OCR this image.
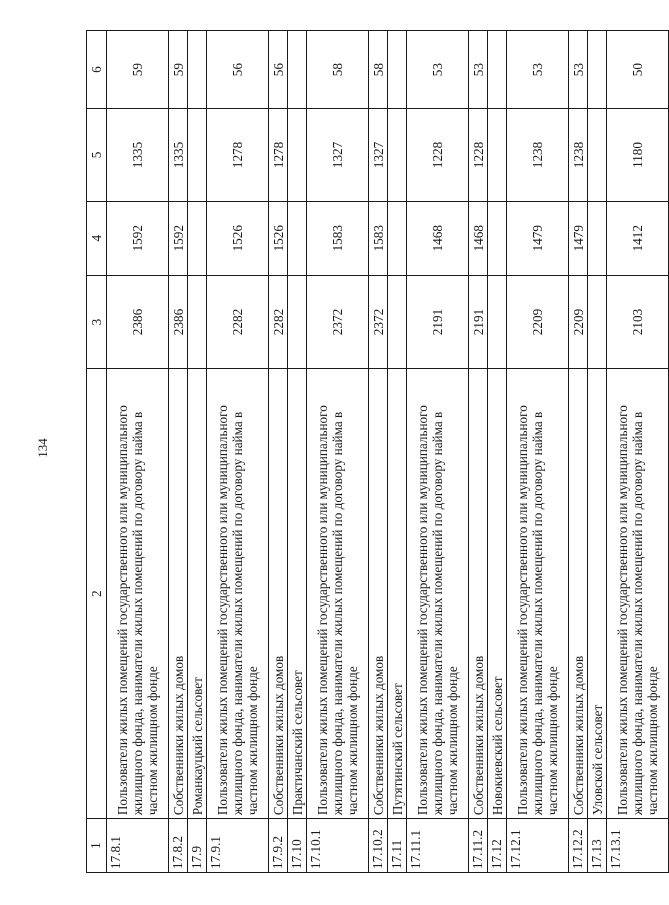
134
1	2	3	4	5	6
17.8.1	Пользователи жилых помещений государственного или муниципального жилищного фонда, наниматели жилых помещений по договору найма в частном жилищном фонде	2386	1592	1335	59
17.8.2	Собственники жилых домов	2386	1592	1335	59
17.9	Романкауцкий сельсовет				
17.9.1	Пользователи жилых помещений государственного или муниципального жилищного фонда, наниматели жилых помещений по договору найма в частном жилищном фонде	2282	1526	1278	56
17.9.2	Собственники жилых домов	2282	1526	1278	56
17.10	Практичанский сельсовет				
17.10.1	Пользователи жилых помещений государственного или муниципального жилищного фонда, наниматели жилых помещений по договору найма в частном жилищном фонде	2372	1583	1327	58
17.10.2	Собственники жилых домов	2372	1583	1327	58
17.11	Путятинский сельсовет				
17.11.1	Пользователи жилых помещений государственного или муниципального жилищного фонда, наниматели жилых помещений по договору найма в частном жилищном фонде	2191	1468	1228	53
17.11.2	Собственники жилых домов	2191	1468	1228	53
17.12	Новокиевский сельсовет				
17.12.1	Пользователи жилых помещений государственного или муниципального жилищного фонда, наниматели жилых помещений по договору найма в частном жилищном фонде	2209	1479	1238	53
17.12.2	Собственники жилых домов	2209	1479	1238	53
17.13	Уловской сельсовет				
17.13.1	Пользователи жилых помещений государственного или муниципального жилищного фонда, наниматели жилых помещений по договору найма в частном жилищном фонде	2103	1412	1180	50
